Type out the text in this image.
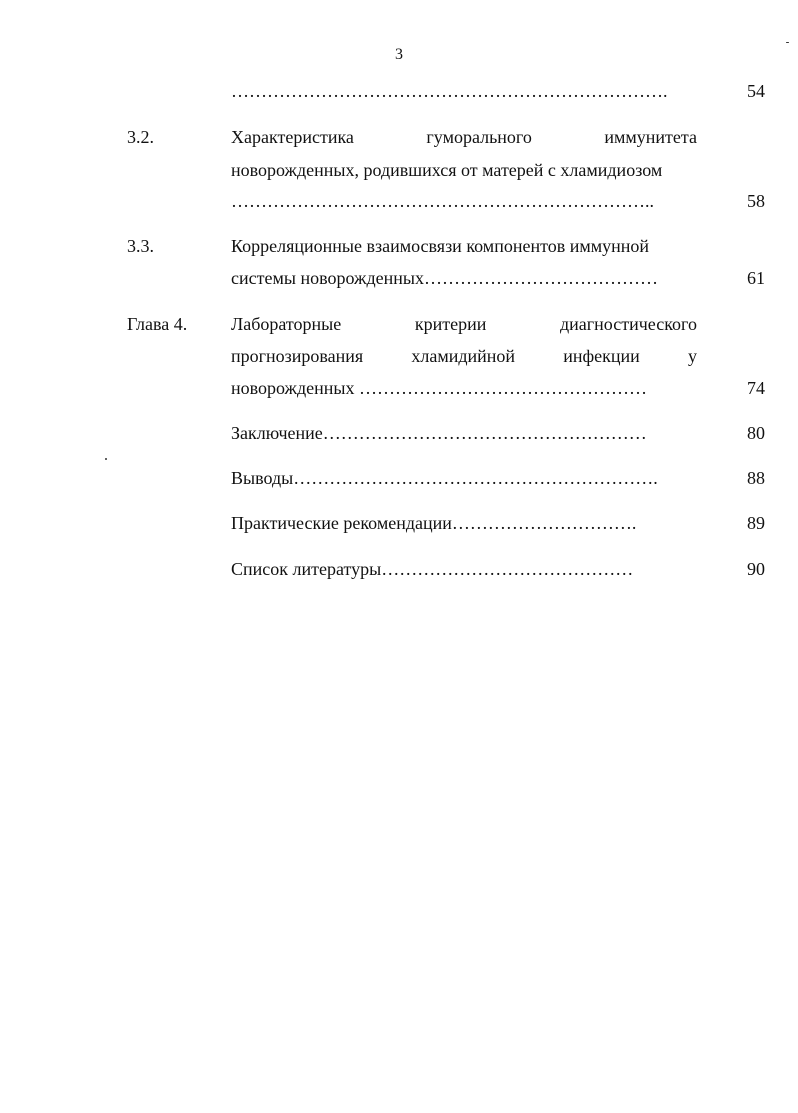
3
……………………………………………………………….	54
3.2.	Характеристика	гуморального	иммунитета
новорожденных, родившихся от матерей с хламидиозом
……………………………………………………………..	58
3.3.	Корреляционные взаимосвязи компонентов иммунной
системы новорожденных…………………………………	61
Глава 4. Лабораторные	критерии	диагностического
прогнозирования	хламидийной	инфекции	у
новорожденных …………………………………………	74
Заключение………………………………………………	80
Выводы…………………………………………………….	88
Практические рекомендации………………………….	89
Список литературы……………………………………	90
